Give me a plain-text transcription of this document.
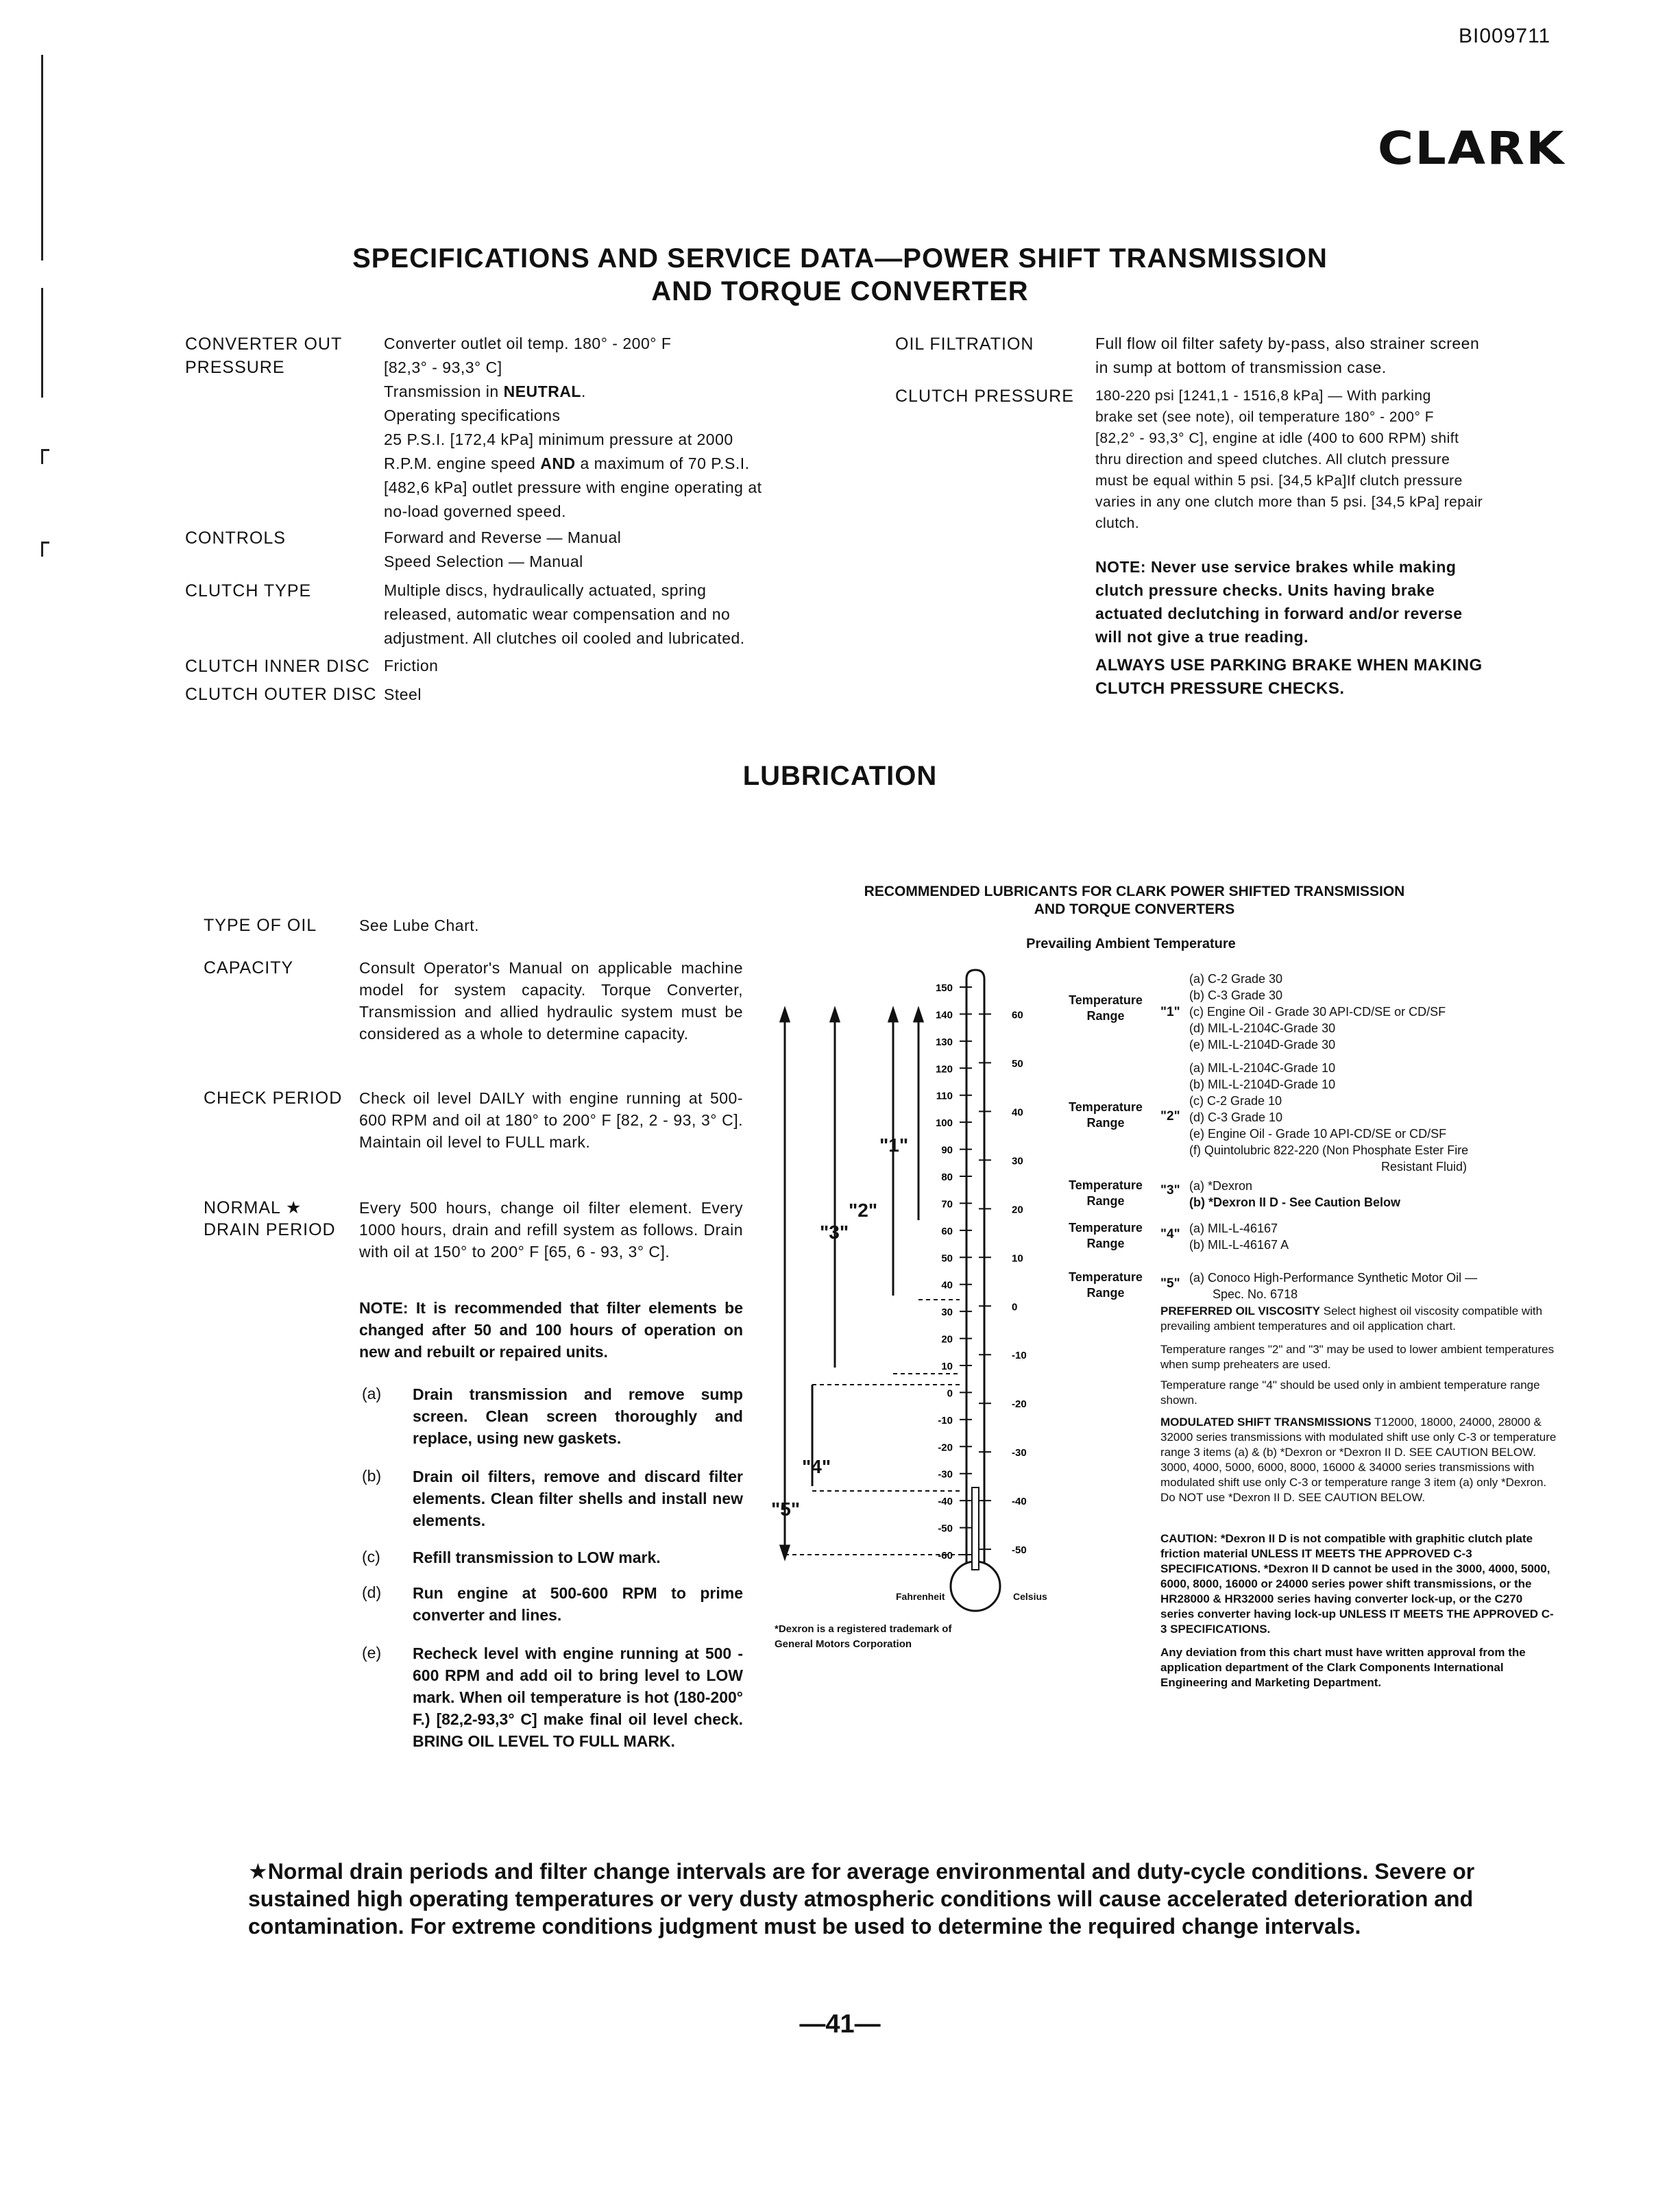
BI009711
CLARK
SPECIFICATIONS AND SERVICE DATA—POWER SHIFT TRANSMISSION
AND TORQUE CONVERTER
CONVERTER OUT
PRESSURE
Converter outlet oil temp. 180° - 200° F
[82,3° - 93,3° C]
Transmission in NEUTRAL.
Operating specifications
25 P.S.I. [172,4 kPa] minimum pressure at 2000
R.P.M. engine speed AND a maximum of 70 P.S.I.
[482,6 kPa] outlet pressure with engine operating at
no-load governed speed.
CONTROLS	Forward and Reverse — Manual
Speed Selection — Manual
CLUTCH TYPE	Multiple discs, hydraulically actuated, spring
released, automatic wear compensation and no
adjustment. All clutches oil cooled and lubricated.
CLUTCH INNER DISC Friction
CLUTCH OUTER DISC Steel
OIL FILTRATION	Full flow oil filter safety by-pass, also strainer screen
in sump at bottom of transmission case.
CLUTCH PRESSURE 180-220 psi [1241,1 - 1516,8 kPa] — With parking
brake set (see note), oil temperature 180° - 200° F
[82,2° - 93,3° C], engine at idle (400 to 600 RPM) shift
thru direction and speed clutches. All clutch pressure
must be equal within 5 psi. [34,5 kPa]If clutch pressure
varies in any one clutch more than 5 psi. [34,5 kPa] repair
clutch.
NOTE: Never use service brakes while making
clutch pressure checks. Units having brake
actuated declutching in forward and/or reverse
will not give a true reading.
ALWAYS USE PARKING BRAKE WHEN MAKING
CLUTCH PRESSURE CHECKS.
LUBRICATION
TYPE OF OIL	See Lube Chart.
CAPACITY	Consult Operator's Manual on applicable machine model for system capacity. Torque Converter, Transmission and allied hydraulic system must be considered as a whole to determine capacity.
CHECK PERIOD Check oil level DAILY with engine running at 500-600 RPM and oil at 180° to 200° F [82, 2 - 93, 3° C]. Maintain oil level to FULL mark.
NORMAL ★
DRAIN PERIOD
Every 500 hours, change oil filter element. Every 1000 hours, drain and refill system as follows. Drain with oil at 150° to 200° F [65, 6 - 93, 3° C].
NOTE: It is recommended that filter elements be changed after 50 and 100 hours of operation on new and rebuilt or repaired units.
(a) Drain transmission and remove sump screen. Clean screen thoroughly and replace, using new gaskets.
(b) Drain oil filters, remove and discard filter elements. Clean filter shells and install new elements.
(c) Refill transmission to LOW mark.
(d) Run engine at 500-600 RPM to prime converter and lines.
(e) Recheck level with engine running at 500 - 600 RPM and add oil to bring level to LOW mark. When oil temperature is hot (180-200° F.) [82,2-93,3° C] make final oil level check. BRING OIL LEVEL TO FULL MARK.
RECOMMENDED LUBRICANTS FOR CLARK POWER SHIFTED TRANSMISSION
AND TORQUE CONVERTERS
Prevailing Ambient Temperature
150
140
130
120
110
100
90
80
70
60
50
40
30
20
10
0
-10
-20
-30
-40
-50
-60
60
50
40
30
20
10
0
-10
-20
-30
-40
-50
"1"
"2"
"3"
"4"
"5"
Fahrenheit	Celsius
*Dexron is a registered trademark of
General Motors Corporation
Temperature
Range	"1"
(a) C-2 Grade 30
(b) C-3 Grade 30
(c) Engine Oil - Grade 30 API-CD/SE or CD/SF
(d) MIL-L-2104C-Grade 30
(e) MIL-L-2104D-Grade 30
Temperature
Range	"2"
(a) MIL-L-2104C-Grade 10
(b) MIL-L-2104D-Grade 10
(c) C-2 Grade 10
(d) C-3 Grade 10
(e) Engine Oil - Grade 10 API-CD/SE or CD/SF
(f) Quintolubric 822-220 (Non Phosphate Ester Fire
Resistant Fluid)
Temperature
Range
"3" (a) *Dexron
(b) *Dexron II D - See Caution Below
Temperature
Range
"4" (a) MIL-L-46167
(b) MIL-L-46167 A
Temperature
Range
"5" (a) Conoco High-Performance Synthetic Motor Oil —
Spec. No. 6718
PREFERRED OIL VISCOSITY Select highest oil viscosity compatible with prevailing ambient temperatures and oil application chart.
Temperature ranges "2" and "3" may be used to lower ambient temperatures when sump preheaters are used.
Temperature range "4" should be used only in ambient temperature range shown.
MODULATED SHIFT TRANSMISSIONS T12000, 18000, 24000, 28000 & 32000 series transmissions with modulated shift use only C-3 or temperature range 3 items (a) & (b) *Dexron or *Dexron II D. SEE CAUTION BELOW. 3000, 4000, 5000, 6000, 8000, 16000 & 34000 series transmissions with modulated shift use only C-3 or temperature range 3 item (a) only *Dexron. Do NOT use *Dexron II D. SEE CAUTION BELOW.
CAUTION: *Dexron II D is not compatible with graphitic clutch plate friction material UNLESS IT MEETS THE APPROVED C-3 SPECIFICATIONS. *Dexron II D cannot be used in the 3000, 4000, 5000, 6000, 8000, 16000 or 24000 series power shift transmissions, or the HR28000 & HR32000 series having converter lock-up, or the C270 series converter having lock-up UNLESS IT MEETS THE APPROVED C-3 SPECIFICATIONS.
Any deviation from this chart must have written approval from the application department of the Clark Components International Engineering and Marketing Department.
★Normal drain periods and filter change intervals are for average environmental and duty-cycle conditions. Severe or sustained high operating temperatures or very dusty atmospheric conditions will cause accelerated deterioration and contamination. For extreme conditions judgment must be used to determine the required change intervals.
—41—
